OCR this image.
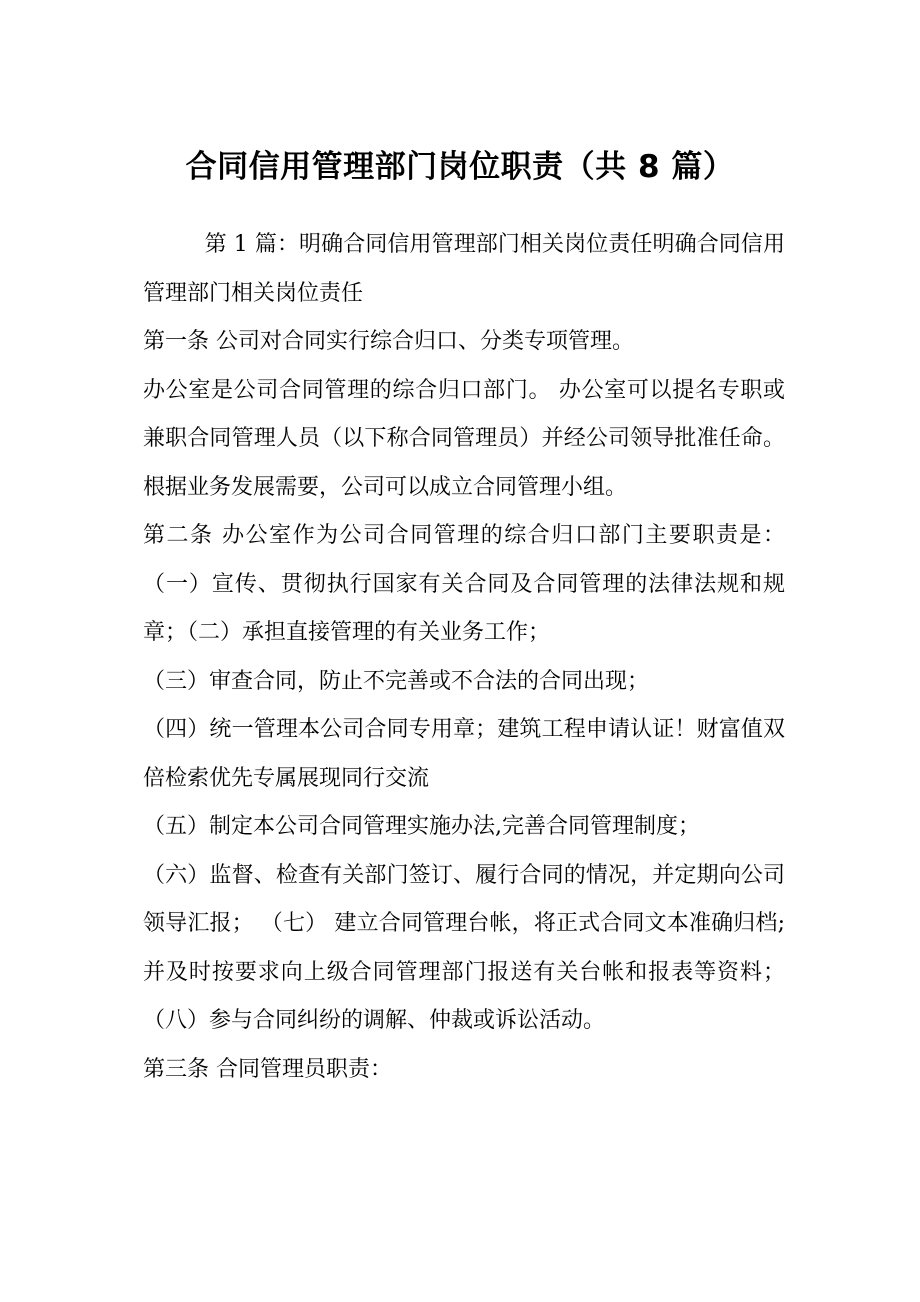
合同信用管理部门岗位职责（共 8 篇）

第 1 篇：明确合同信用管理部门相关岗位责任明确合同信用管理部门相关岗位责任

第一条 公司对合同实行综合归口、分类专项管理。

办公室是公司合同管理的综合归口部门。 办公室可以提名专职或兼职合同管理人员（以下称合同管理员）并经公司领导批准任命。 根据业务发展需要，公司可以成立合同管理小组。

第二条 办公室作为公司合同管理的综合归口部门主要职责是： （一）宣传、贯彻执行国家有关合同及合同管理的法律法规和规章；（二）承担直接管理的有关业务工作；

（三）审查合同，防止不完善或不合法的合同出现；

（四）统一管理本公司合同专用章；建筑工程申请认证！财富值双倍检索优先专属展现同行交流

（五）制定本公司合同管理实施办法,完善合同管理制度；

（六）监督、检查有关部门签订、履行合同的情况，并定期向公司领导汇报； （七） 建立合同管理台帐，将正式合同文本准确归档;并及时按要求向上级合同管理部门报送有关台帐和报表等资料；（八）参与合同纠纷的调解、仲裁或诉讼活动。

第三条 合同管理员职责：
